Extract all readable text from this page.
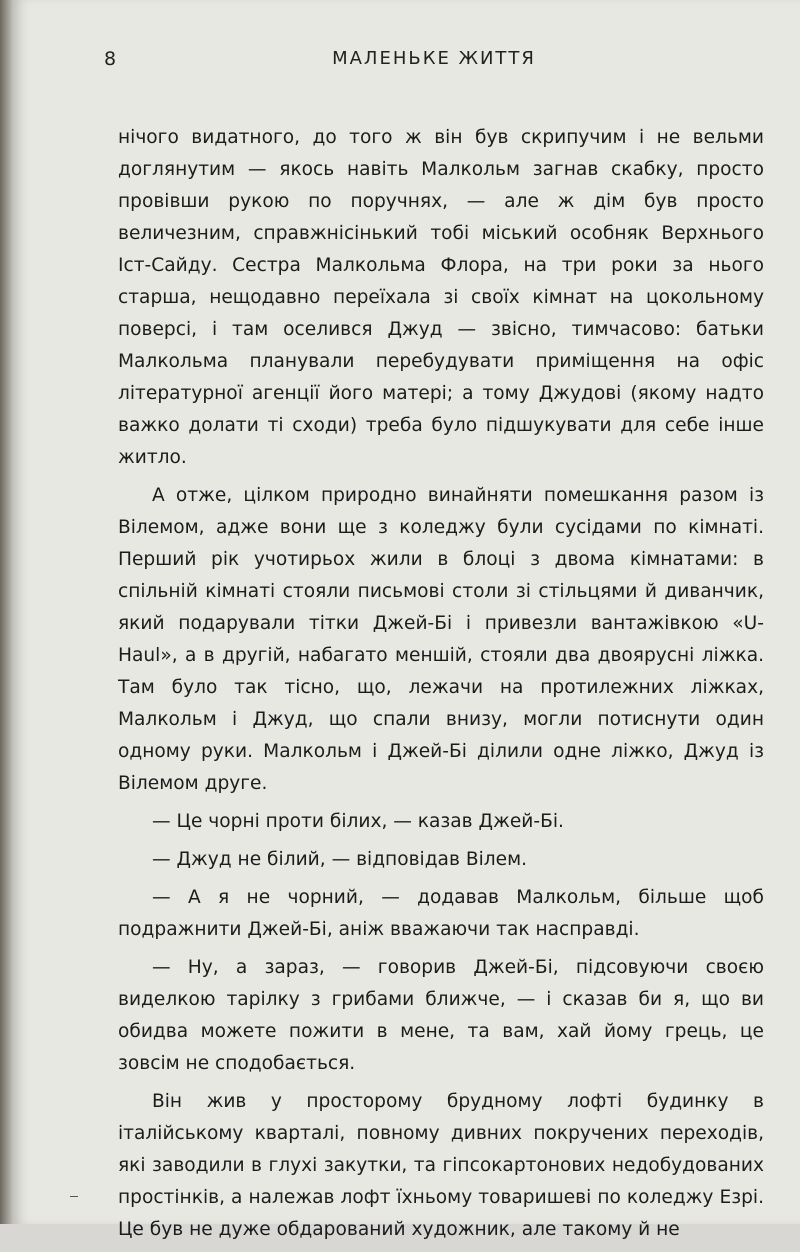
8	МАЛЕНЬКЕ ЖИТТЯ

нічого видатного, до того ж він був скрипучим і не вельми доглянутим — якось навіть Малкольм загнав скабку, просто провівши рукою по поручнях, — але ж дім був просто величезним, справжнісінький тобі міський особняк Верхнього Іст-Сайду. Сестра Малкольма Флора, на три роки за нього старша, нещодавно переїхала зі своїх кімнат на цокольному поверсі, і там оселився Джуд — звісно, тимчасово: батьки Малкольма планували перебудувати приміщення на офіс літературної агенції його матері; а тому Джудові (якому надто важко долати ті сходи) треба було підшукувати для себе інше житло.

А отже, цілком природно винайняти помешкання разом із Вілемом, адже вони ще з коледжу були сусідами по кімнаті. Перший рік учотирьох жили в блоці з двома кімнатами: в спільній кімнаті стояли письмові столи зі стільцями й диванчик, який подарували тітки Джей-Бі і привезли вантажівкою «U-Haul», а в другій, набагато меншій, стояли два двоярусні ліжка. Там було так тісно, що, лежачи на протилежних ліжках, Малкольм і Джуд, що спали внизу, могли потиснути один одному руки. Малкольм і Джей-Бі ділили одне ліжко, Джуд із Вілемом друге.

— Це чорні проти білих, — казав Джей-Бі.

— Джуд не білий, — відповідав Вілем.

— А я не чорний, — додавав Малкольм, більше щоб подражнити Джей-Бі, аніж вважаючи так насправді.

— Ну, а зараз, — говорив Джей-Бі, підсовуючи своєю виделкою тарілку з грибами ближче, — і сказав би я, що ви обидва можете пожити в мене, та вам, хай йому грець, це зовсім не сподобається.

Він жив у просторому брудному лофті будинку в італійському кварталі, повному дивних покручених переходів, які заводили в глухі закутки, та гіпсокартонових недобудованих простінків, а належав лофт їхньому товаришеві по коледжу Езрі. Це був не дуже обдарований художник, але такому й не
